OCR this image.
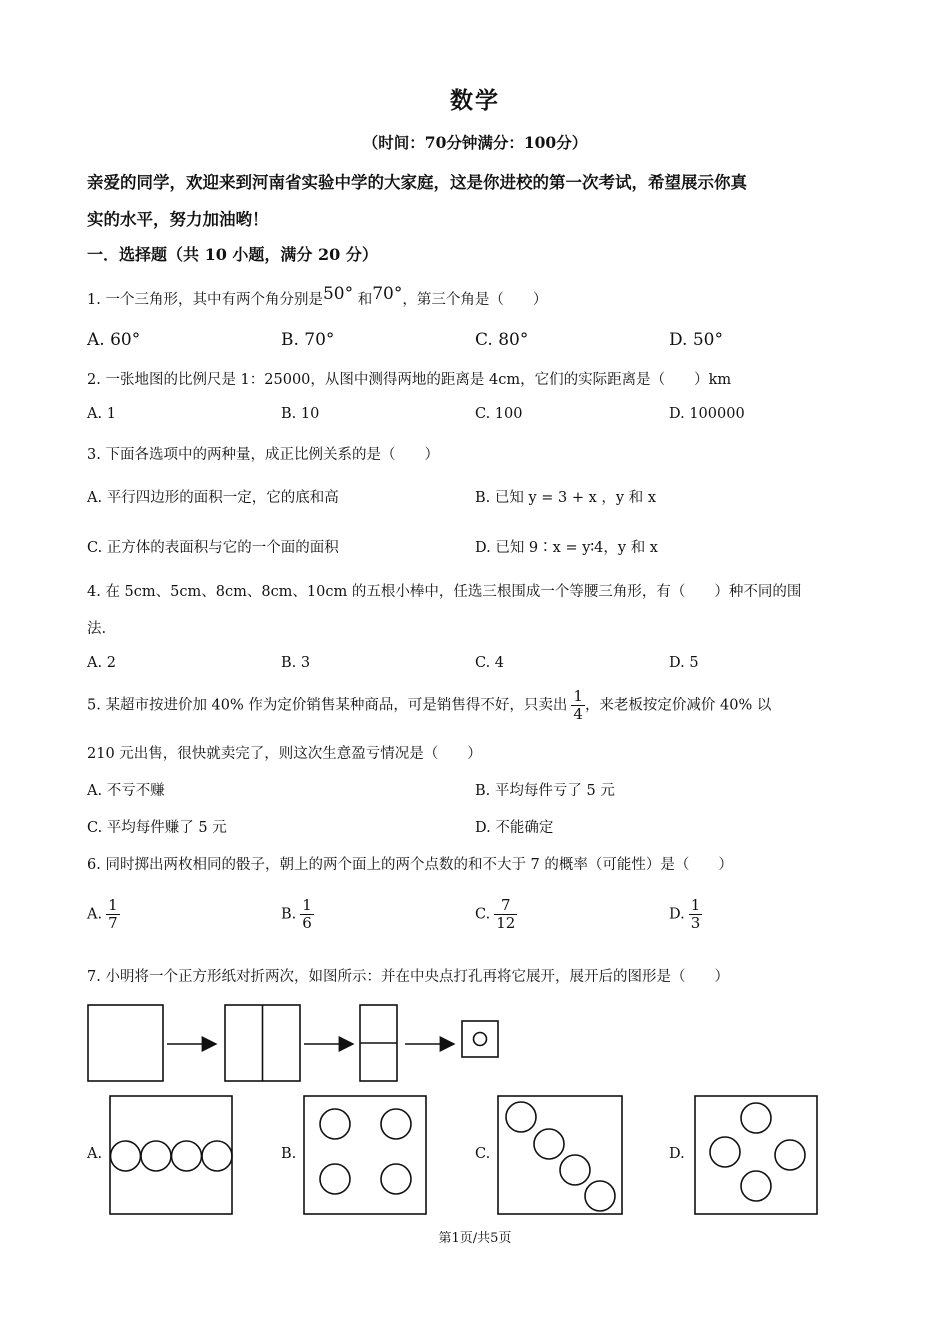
数学
（时间：70分钟满分：100分）
亲爱的同学，欢迎来到河南省实验中学的大家庭，这是你进校的第一次考试，希望展示你真
实的水平，努力加油哟！
一．选择题（共 10 小题，满分 20 分）
1. 一个三角形，其中有两个角分别是50° 和70°，第三个角是（　　）
A. 60°	B. 70°	C. 80°	D. 50°
2. 一张地图的比例尺是 1：25000，从图中测得两地的距离是 4cm，它们的实际距离是（　　）km
A. 1	B. 10	C. 100	D. 100000
3. 下面各选项中的两种量，成正比例关系的是（　　）
A. 平行四边形的面积一定，它的底和高	B. 已知 y = 3 + x ，y 和 x
C. 正方体的表面积与它的一个面的面积	D. 已知 9∶x = y∶4，y 和 x
4. 在 5cm、5cm、8cm、8cm、10cm 的五根小棒中，任选三根围成一个等腰三角形，有（　　）种不同的围
法.
A. 2	B. 3	C. 4	D. 5
5. 某超市按进价加 40% 作为定价销售某种商品，可是销售得不好，只卖出 $\frac{1}{4}$ ，来老板按定价减价 40% 以
210 元出售，很快就卖完了，则这次生意盈亏情况是（　　）
A. 不亏不赚	B. 平均每件亏了 5 元
C. 平均每件赚了 5 元	D. 不能确定
6. 同时掷出两枚相同的骰子，朝上的两个面上的两个点数的和不大于 7 的概率（可能性）是（　　）
A. $\frac{1}{7}$	B. $\frac{1}{6}$	C. $\frac{7}{12}$	D. $\frac{1}{3}$
7. 小明将一个正方形纸对折两次，如图所示：并在中央点打孔再将它展开，展开后的图形是（　　）
A.	B.	C.	D.
第1页/共5页
